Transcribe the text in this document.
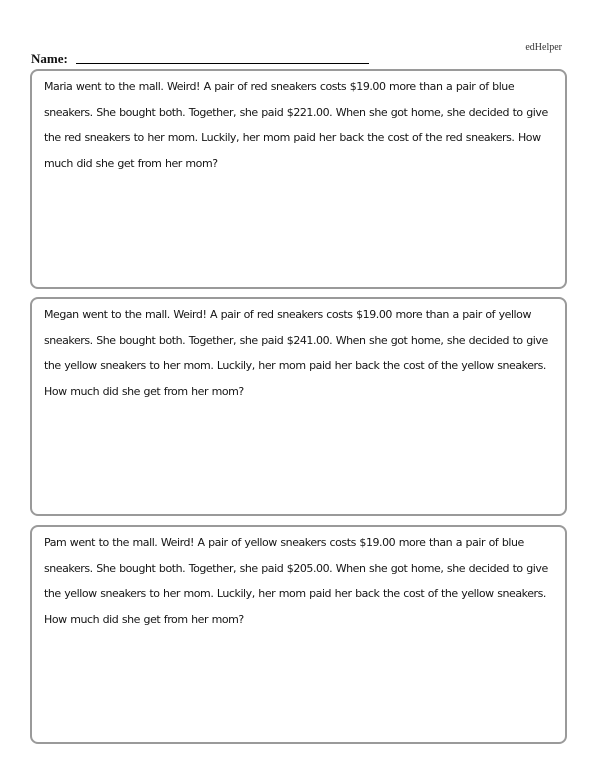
edHelper
Name:

Maria went to the mall. Weird! A pair of red sneakers costs $19.00 more than a pair of blue sneakers. She bought both. Together, she paid $221.00. When she got home, she decided to give the red sneakers to her mom. Luckily, her mom paid her back the cost of the red sneakers. How much did she get from her mom?

Megan went to the mall. Weird! A pair of red sneakers costs $19.00 more than a pair of yellow sneakers. She bought both. Together, she paid $241.00. When she got home, she decided to give the yellow sneakers to her mom. Luckily, her mom paid her back the cost of the yellow sneakers. How much did she get from her mom?

Pam went to the mall. Weird! A pair of yellow sneakers costs $19.00 more than a pair of blue sneakers. She bought both. Together, she paid $205.00. When she got home, she decided to give the yellow sneakers to her mom. Luckily, her mom paid her back the cost of the yellow sneakers. How much did she get from her mom?
